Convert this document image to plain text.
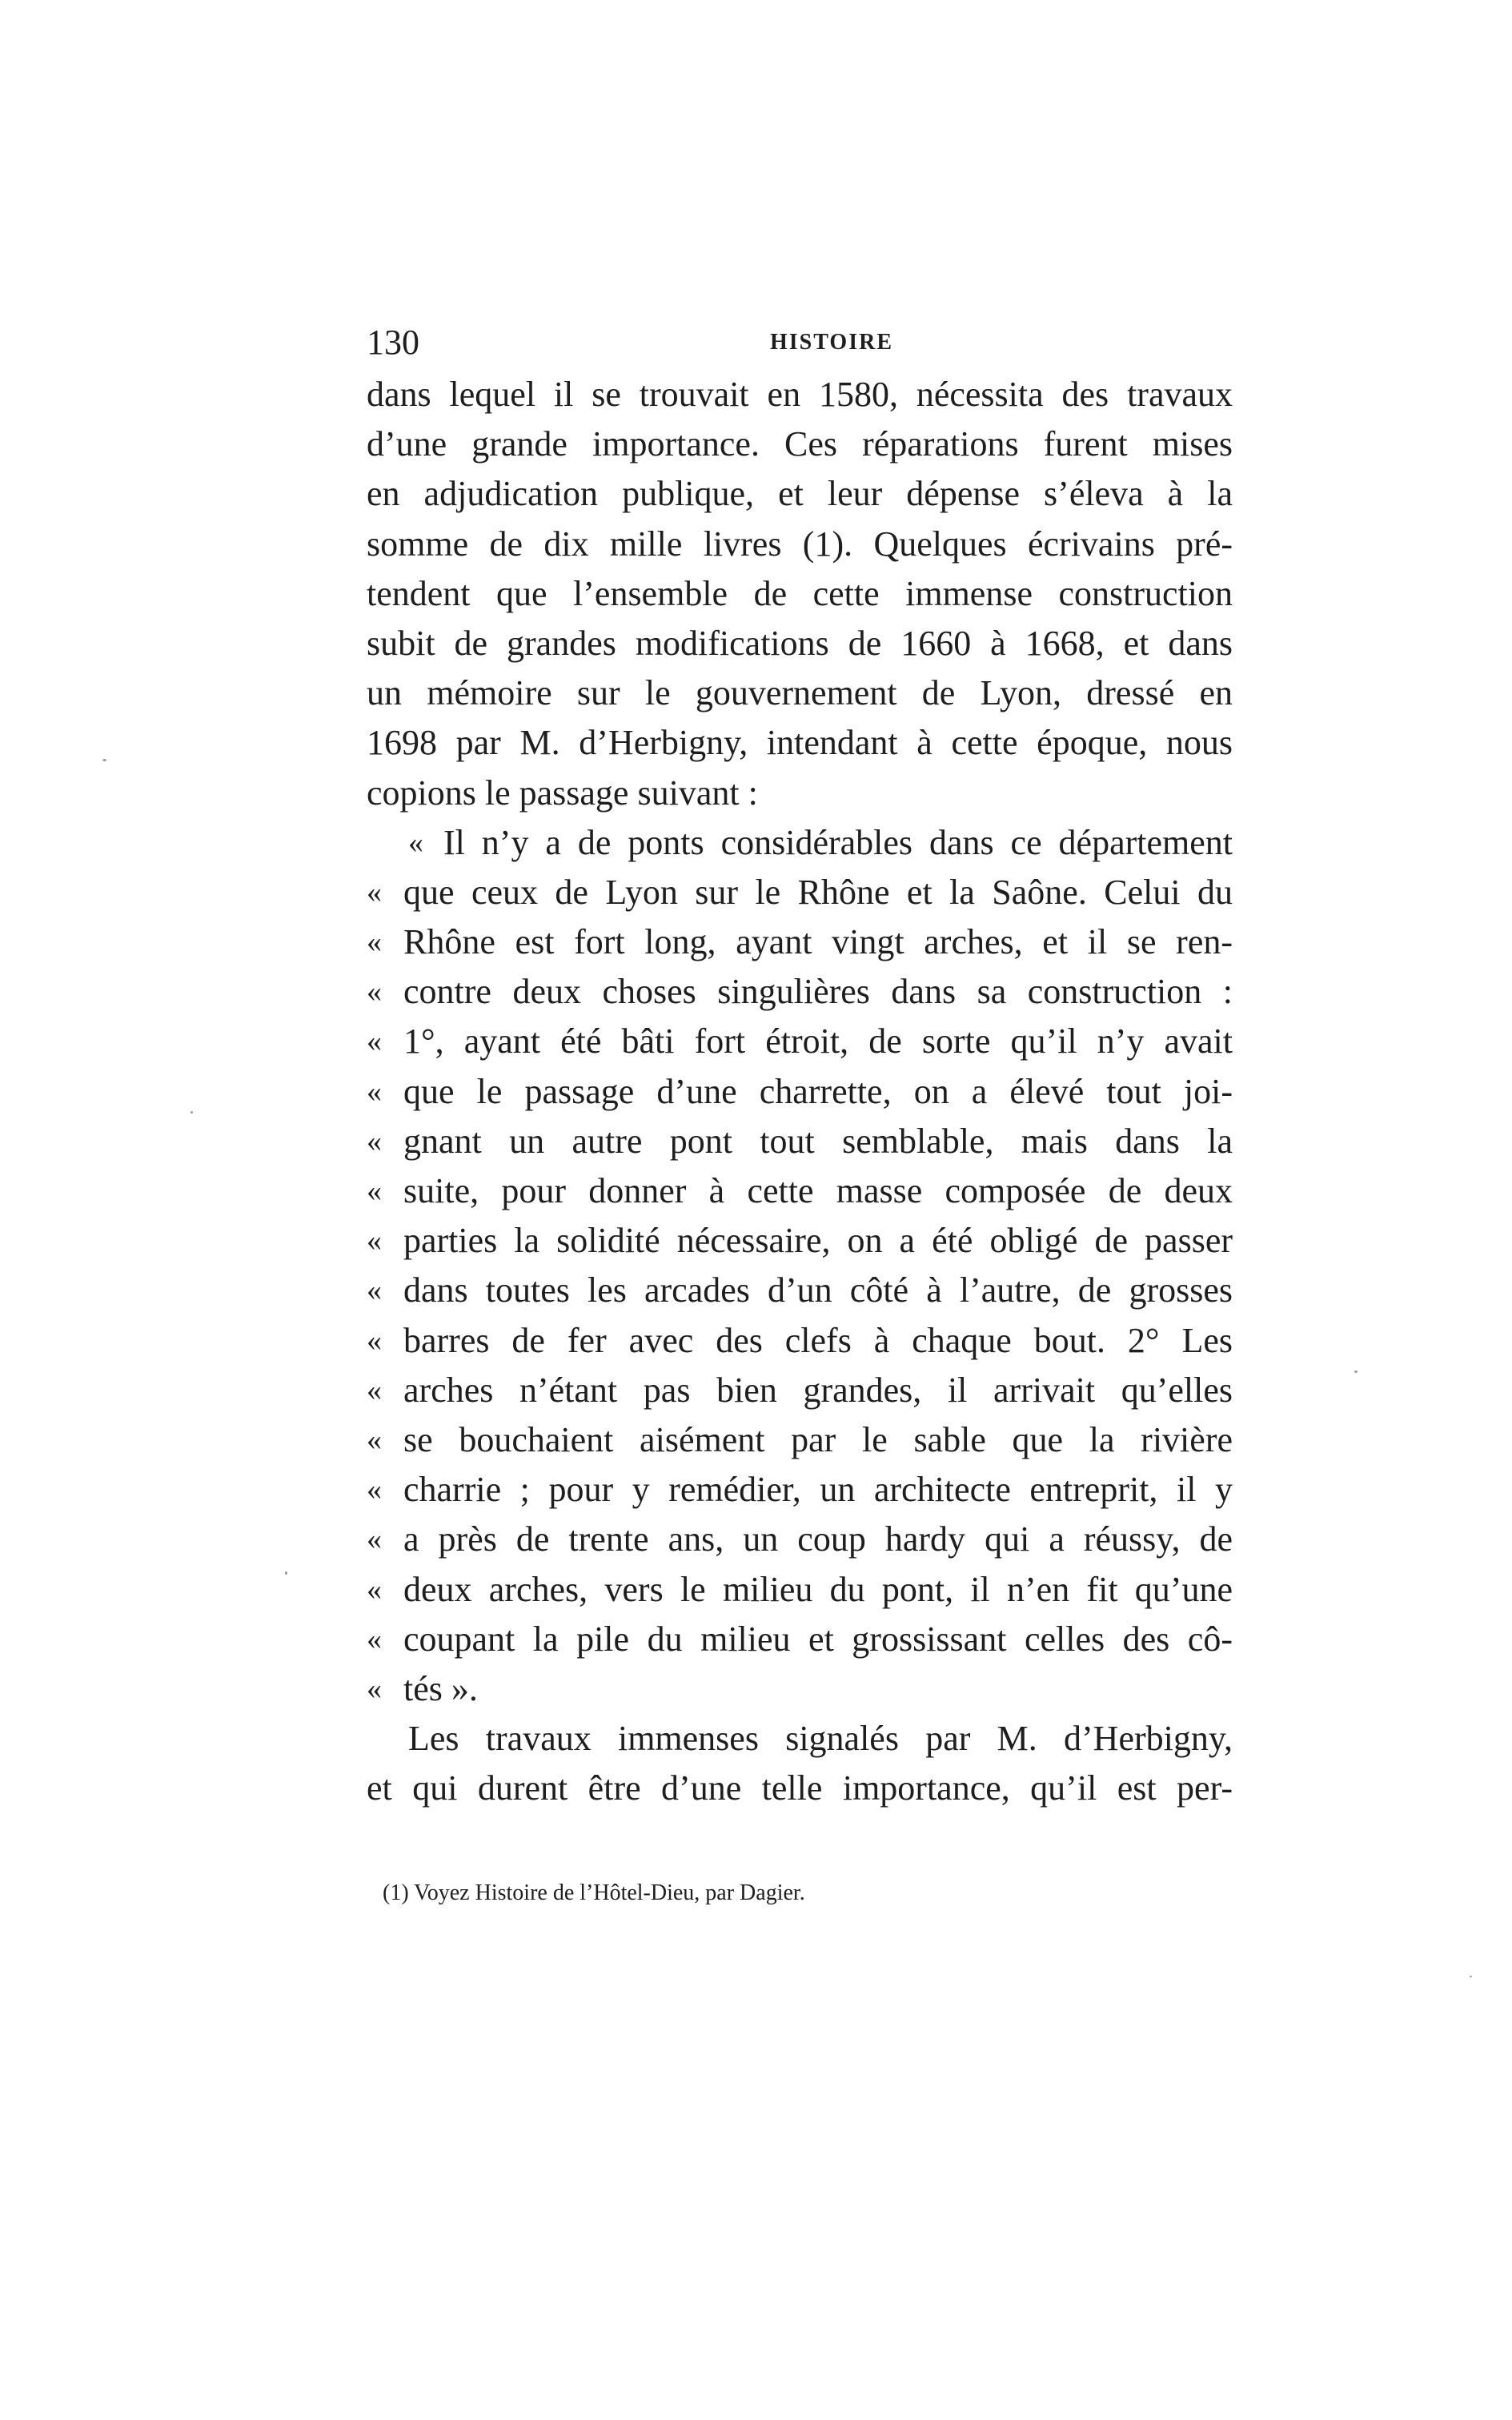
130	HISTOIRE
dans lequel il se trouvait en 1580, nécessita des travaux
d’une grande importance. Ces réparations furent mises
en adjudication publique, et leur dépense s’éleva à la
somme de dix mille livres (1). Quelques écrivains pré-
tendent que l’ensemble de cette immense construction
subit de grandes modifications de 1660 à 1668, et dans
un mémoire sur le gouvernement de Lyon, dressé en
1698 par M. d’Herbigny, intendant à cette époque, nous
copions le passage suivant :
« Il n’y a de ponts considérables dans ce département
« que ceux de Lyon sur le Rhône et la Saône. Celui du
« Rhône est fort long, ayant vingt arches, et il se ren-
« contre deux choses singulières dans sa construction :
« 1°, ayant été bâti fort étroit, de sorte qu’il n’y avait
« que le passage d’une charrette, on a élevé tout joi-
« gnant un autre pont tout semblable, mais dans la
« suite, pour donner à cette masse composée de deux
« parties la solidité nécessaire, on a été obligé de passer
« dans toutes les arcades d’un côté à l’autre, de grosses
« barres de fer avec des clefs à chaque bout. 2° Les
« arches n’étant pas bien grandes, il arrivait qu’elles
« se bouchaient aisément par le sable que la rivière
« charrie ; pour y remédier, un architecte entreprit, il y
« a près de trente ans, un coup hardy qui a réussy, de
« deux arches, vers le milieu du pont, il n’en fit qu’une
« coupant la pile du milieu et grossissant celles des cô-
« tés ».
Les travaux immenses signalés par M. d’Herbigny,
et qui durent être d’une telle importance, qu’il est per-
(1) Voyez Histoire de l’Hôtel-Dieu, par Dagier.
